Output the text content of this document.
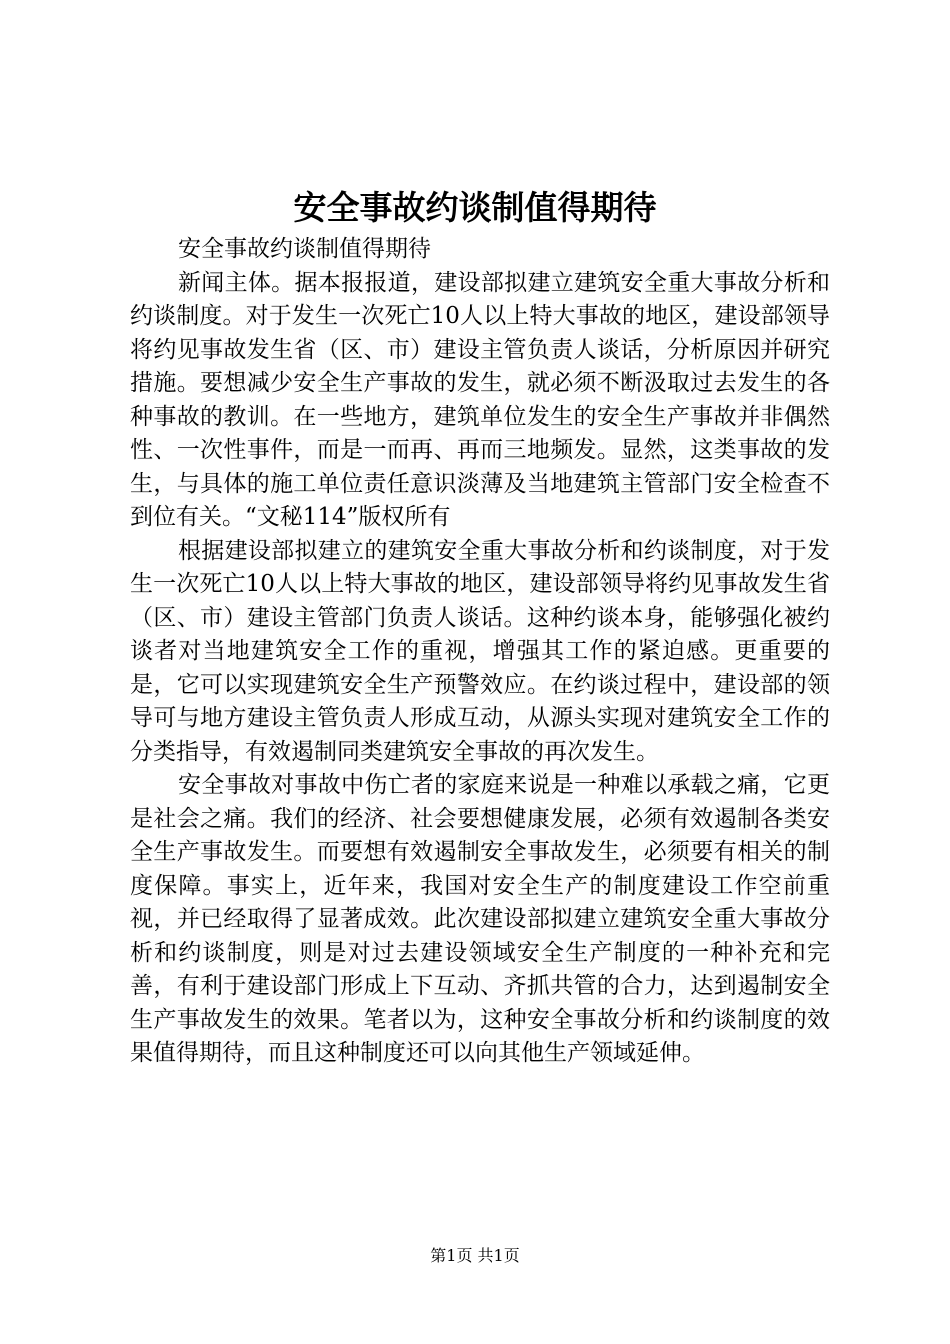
安全事故约谈制值得期待

安全事故约谈制值得期待

新闻主体。据本报报道，建设部拟建立建筑安全重大事故分析和约谈制度。对于发生一次死亡10人以上特大事故的地区，建设部领导将约见事故发生省（区、市）建设主管负责人谈话，分析原因并研究措施。要想减少安全生产事故的发生，就必须不断汲取过去发生的各种事故的教训。在一些地方，建筑单位发生的安全生产事故并非偶然性、一次性事件，而是一而再、再而三地频发。显然，这类事故的发生，与具体的施工单位责任意识淡薄及当地建筑主管部门安全检查不到位有关。“文秘114”版权所有

根据建设部拟建立的建筑安全重大事故分析和约谈制度，对于发生一次死亡10人以上特大事故的地区，建设部领导将约见事故发生省（区、市）建设主管部门负责人谈话。这种约谈本身，能够强化被约谈者对当地建筑安全工作的重视，增强其工作的紧迫感。更重要的是，它可以实现建筑安全生产预警效应。在约谈过程中，建设部的领导可与地方建设主管负责人形成互动，从源头实现对建筑安全工作的分类指导，有效遏制同类建筑安全事故的再次发生。

安全事故对事故中伤亡者的家庭来说是一种难以承载之痛，它更是社会之痛。我们的经济、社会要想健康发展，必须有效遏制各类安全生产事故发生。而要想有效遏制安全事故发生，必须要有相关的制度保障。事实上，近年来，我国对安全生产的制度建设工作空前重视，并已经取得了显著成效。此次建设部拟建立建筑安全重大事故分析和约谈制度，则是对过去建设领域安全生产制度的一种补充和完善，有利于建设部门形成上下互动、齐抓共管的合力，达到遏制安全生产事故发生的效果。笔者以为，这种安全事故分析和约谈制度的效果值得期待，而且这种制度还可以向其他生产领域延伸。

第1页 共1页
